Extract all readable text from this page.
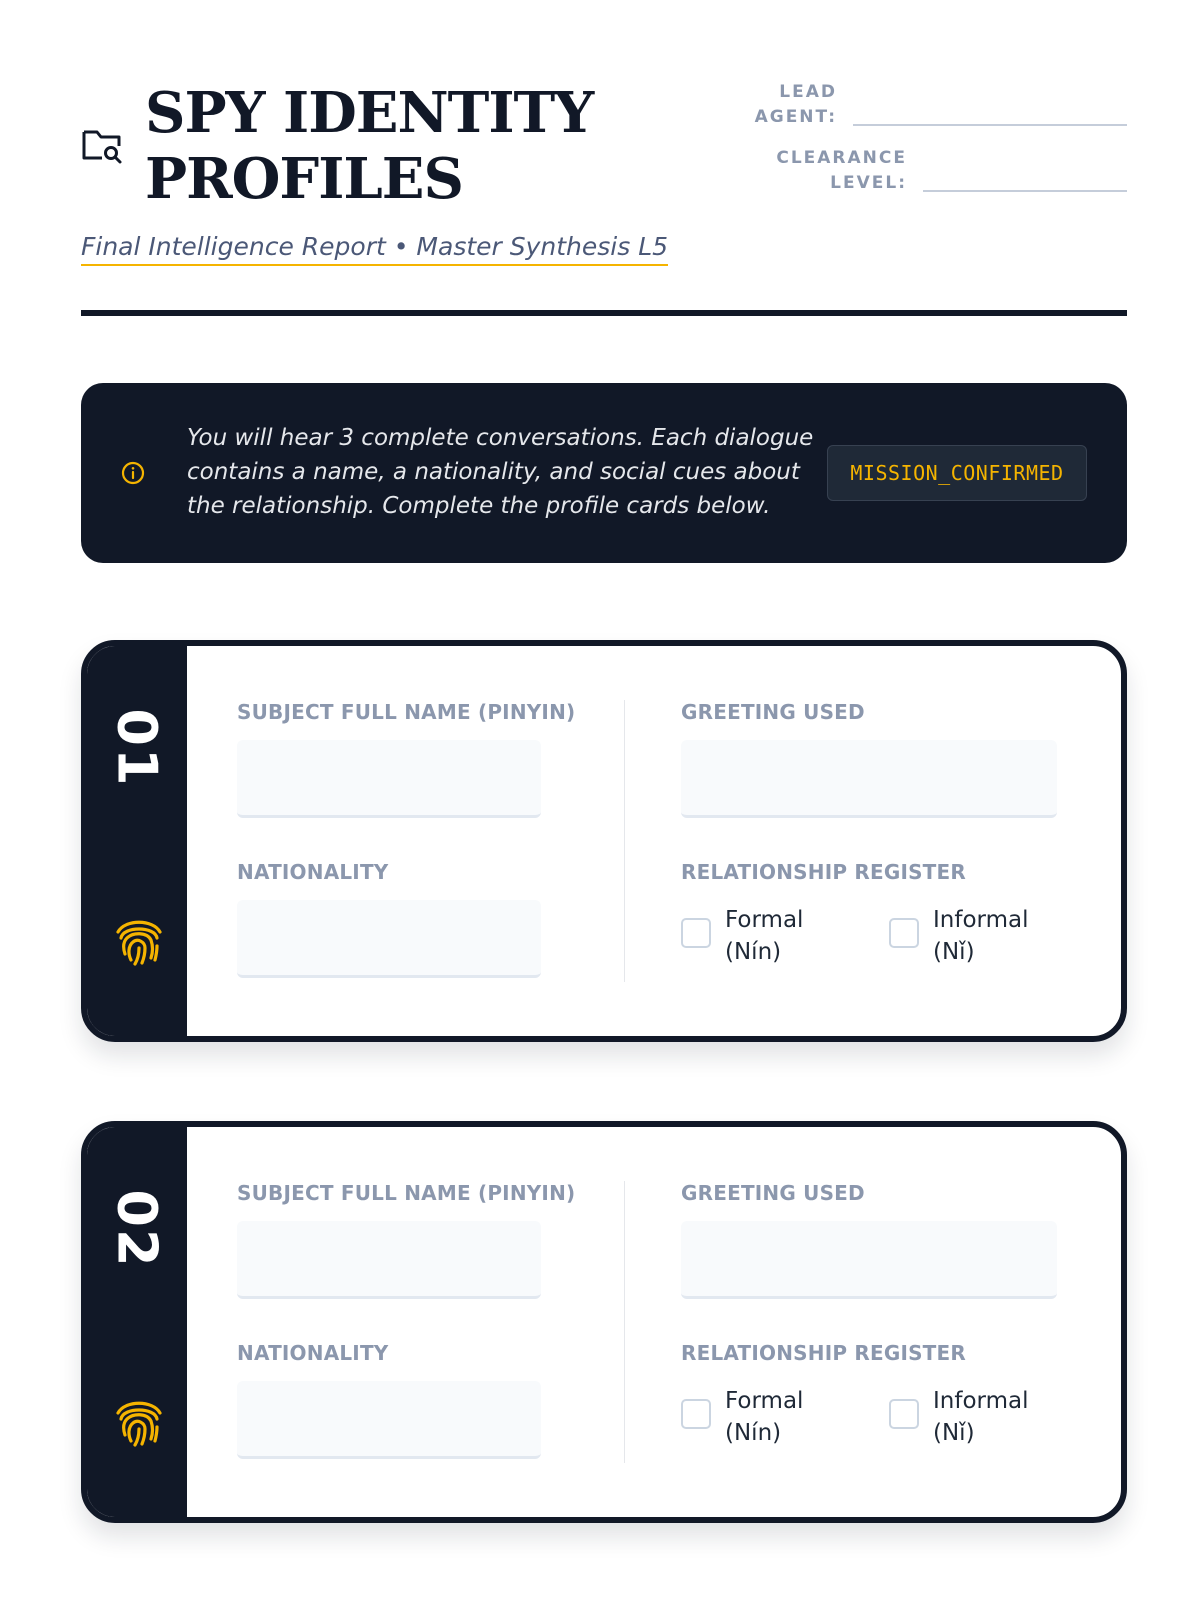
SPY IDENTITY PROFILES
Final Intelligence Report • Master Synthesis L5
LEAD
AGENT:
CLEARANCE
LEVEL:
You will hear 3 complete conversations. Each dialogue contains a name, a nationality, and social cues about the relationship. Complete the profile cards below.
MISSION_CONFIRMED
01	SUBJECT FULL NAME (PINYIN)
NATIONALITY
GREETING USED
RELATIONSHIP REGISTER
Formal (Nín)
Informal (Nǐ)
02	SUBJECT FULL NAME (PINYIN)
NATIONALITY
GREETING USED
RELATIONSHIP REGISTER
Formal (Nín)
Informal (Nǐ)
